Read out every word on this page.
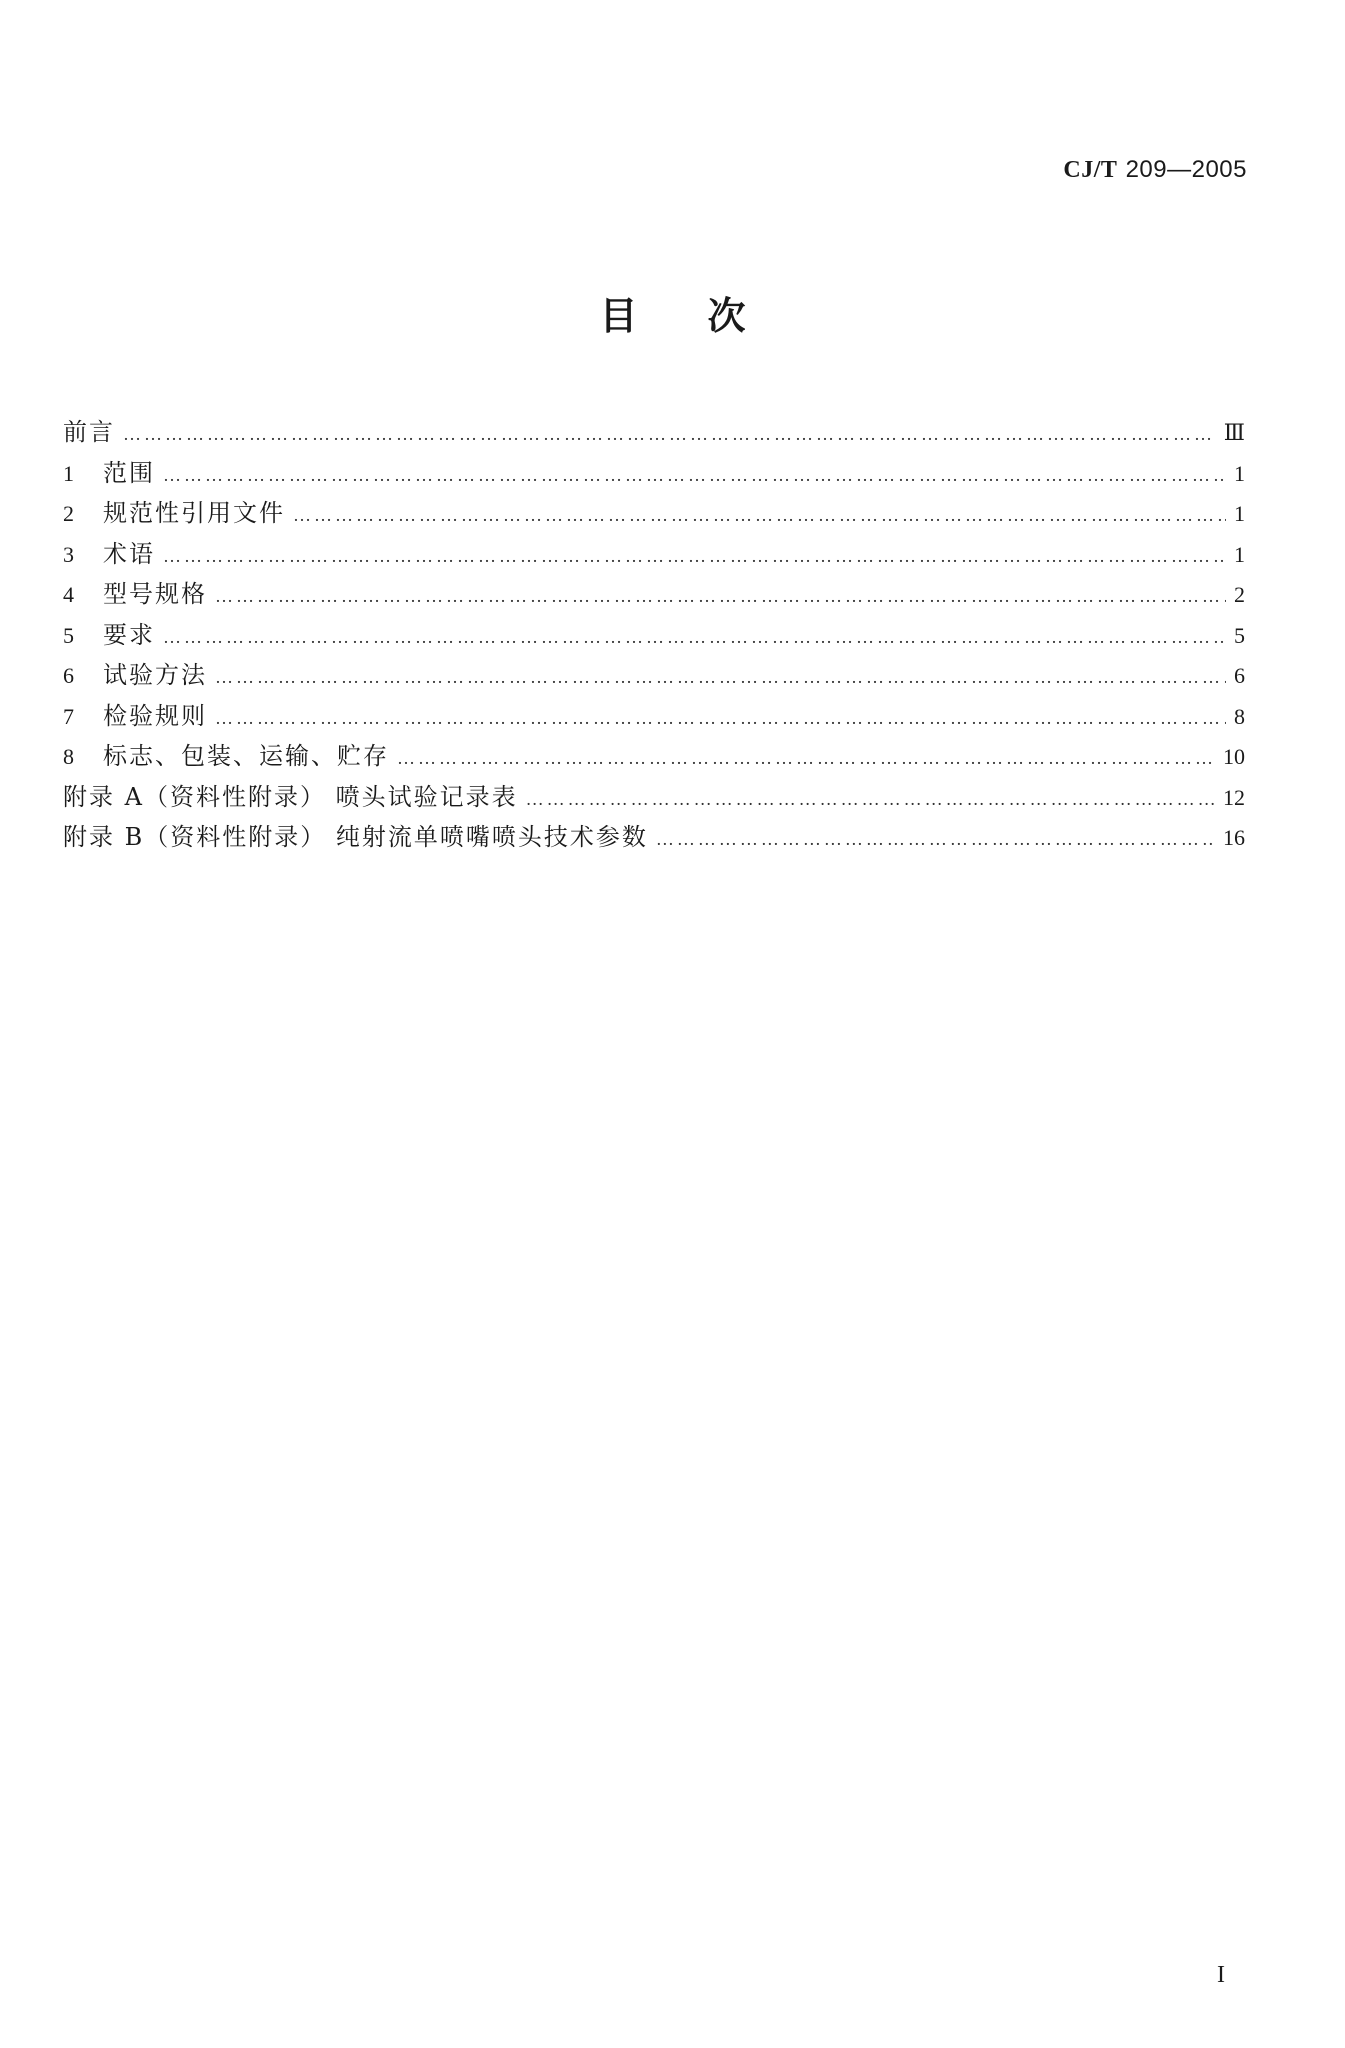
CJ/T 209—2005
目次
前言 ……………………………………………………………………………………………………………………………………………………………………………………………………	Ⅲ
1	范围 ……………………………………………………………………………………………………………………………………………………………………………………………………	1
2	规范性引用文件 ……………………………………………………………………………………………………………………………………………………………………………………………………	1
3	术语 ……………………………………………………………………………………………………………………………………………………………………………………………………	1
4	型号规格 ……………………………………………………………………………………………………………………………………………………………………………………………………	2
5	要求 ……………………………………………………………………………………………………………………………………………………………………………………………………	5
6	试验方法 ……………………………………………………………………………………………………………………………………………………………………………………………………	6
7	检验规则 ……………………………………………………………………………………………………………………………………………………………………………………………………	8
8	标志、包装、运输、贮存 ……………………………………………………………………………………………………………………………………………………………………………………………………	10
附录 A（资料性附录） 喷头试验记录表 ……………………………………………………………………………………………………………………………………………………………………………………………………	12
附录 B（资料性附录） 纯射流单喷嘴喷头技术参数 ……………………………………………………………………………………………………………………………………………………………………………………………………	16
I
